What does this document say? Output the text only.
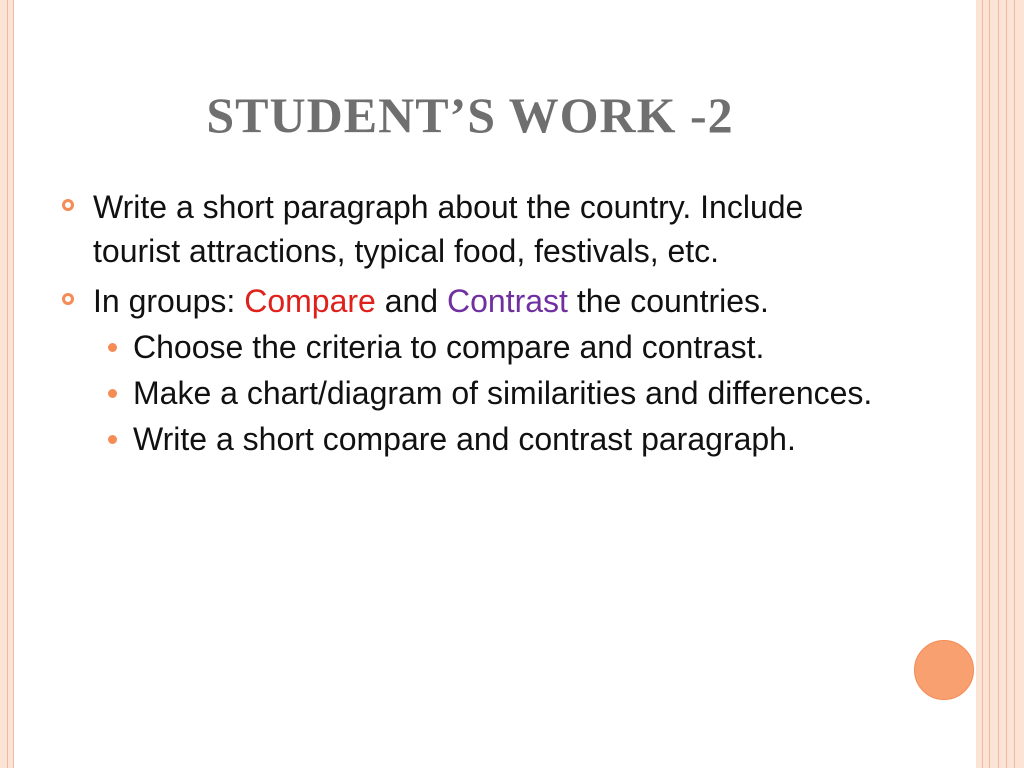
STUDENT’S WORK -2
Write a short paragraph about the country. Include tourist attractions, typical food, festivals, etc.
In groups: Compare and Contrast the countries.
Choose the criteria to compare and contrast.
Make a chart/diagram of similarities and differences.
Write a short compare and contrast paragraph.
